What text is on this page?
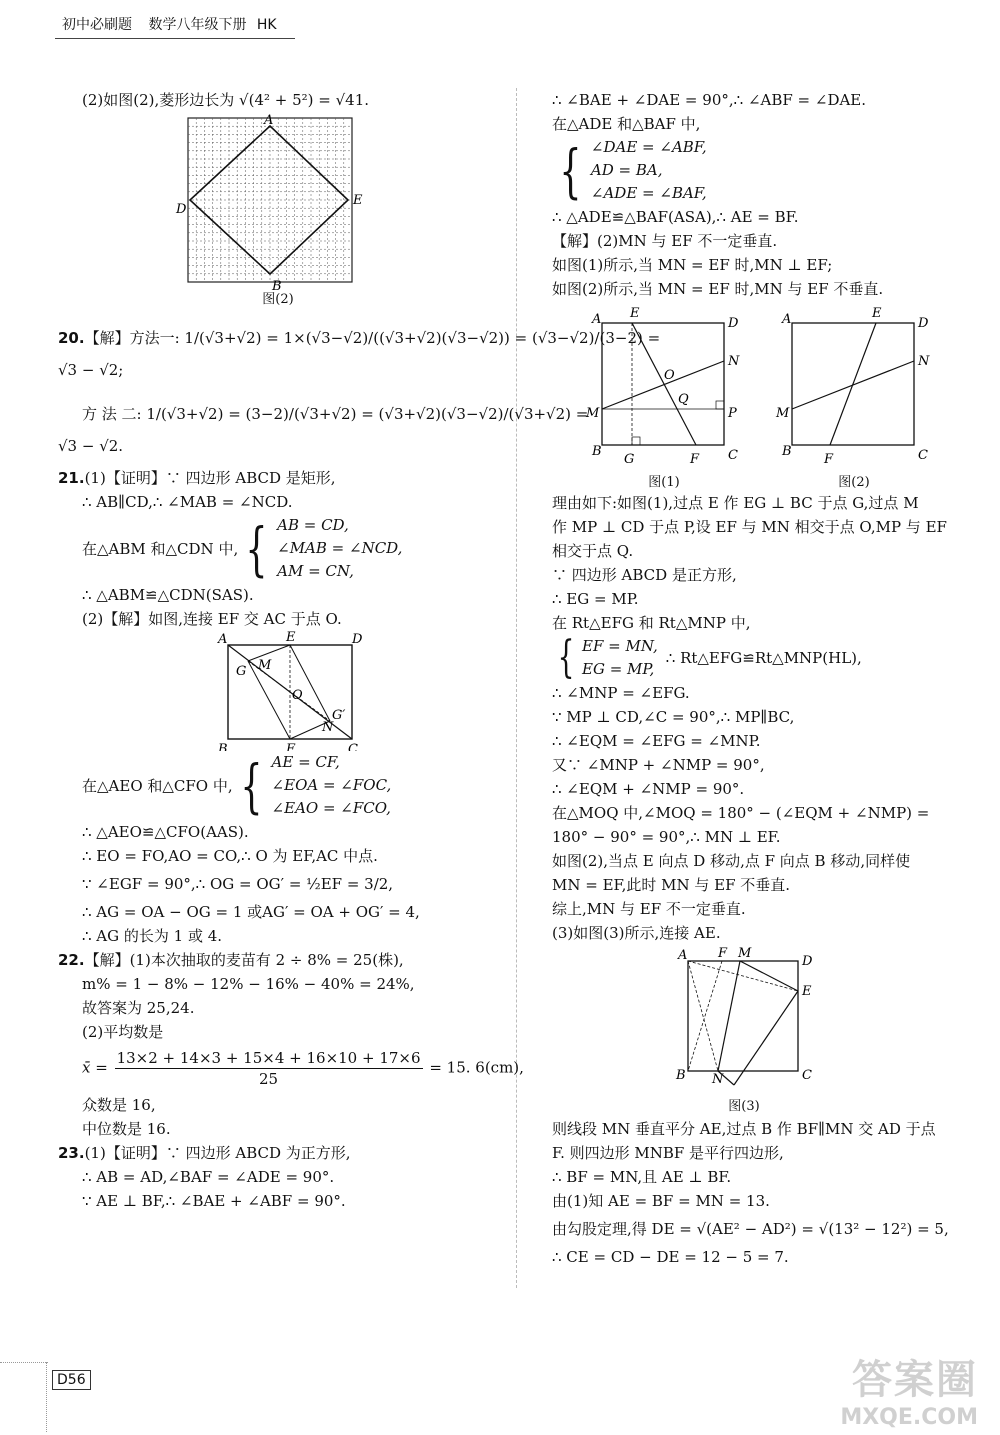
初中必刷题 数学八年级下册 HK
(2)如图(2),菱形边长为 √(4² + 5²) = √41.
A
B
D
E
图(2)
20.【解】方法一: 1/(√3+√2) = 1×(√3−√2)/((√3+√2)(√3−√2)) = (√3−√2)/(3−2) =
√3 − √2;
方 法 二: 1/(√3+√2) = (3−2)/(√3+√2) = (√3+√2)(√3−√2)/(√3+√2) =
√3 − √2.
21.(1)【证明】∵ 四边形 ABCD 是矩形,
∴ AB∥CD,∴ ∠MAB = ∠NCD.
在△ABM 和△CDN 中, { AB = CD,
∠MAB = ∠NCD,
AM = CN,
∴ △ABM≌△CDN(SAS).
(2)【解】如图,连接 EF 交 AC 于点 O.
A
B	C
D
E
F
G
G′
M
N
O
在△AEO 和△CFO 中, { AE = CF,
∠EOA = ∠FOC,
∠EAO = ∠FCO,
∴ △AEO≌△CFO(AAS).
∴ EO = FO,AO = CO,∴ O 为 EF,AC 中点.
∵ ∠EGF = 90°,∴ OG = OG′ = ½EF = 3/2,
∴ AG = OA − OG = 1 或AG′ = OA + OG′ = 4,
∴ AG 的长为 1 或 4.
22.【解】(1)本次抽取的麦苗有 2 ÷ 8% = 25(株),
m% = 1 − 8% − 12% − 16% − 40% = 24%,
故答案为 25,24.
(2)平均数是
x̄ = $\frac{13\times 2 + 14\times 3 + 15\times 4 + 16\times 10 + 17\times 6}{25} = 15$. 6(cm),
众数是 16,
中位数是 16.
23.(1)【证明】∵ 四边形 ABCD 为正方形,
∴ AB = AD,∠BAF = ∠ADE = 90°.
∵ AE ⊥ BF,∴ ∠BAE + ∠ABF = 90°.
∴ ∠BAE + ∠DAE = 90°,∴ ∠ABF = ∠DAE.
在△ADE 和△BAF 中,
{ ∠DAE = ∠ABF,
AD = BA,
∠ADE = ∠BAF,
∴ △ADE≌△BAF(ASA),∴ AE = BF.
【解】(2)MN 与 EF 不一定垂直.
如图(1)所示,当 MN = EF 时,MN ⊥ EF;
如图(2)所示,当 MN = EF 时,MN 与 EF 不垂直.
A
B	C
D
E
F
G
M
N
O
Q
P
A
B	C
D
E
F
M
N
图(1)	图(2)
理由如下:如图(1),过点 E 作 EG ⊥ BC 于点 G,过点 M
作 MP ⊥ CD 于点 P,设 EF 与 MN 相交于点 O,MP 与 EF
相交于点 Q.
∵ 四边形 ABCD 是正方形,
∴ EG = MP.
在 Rt△EFG 和 Rt△MNP 中,
{ EF = MN,
EG = MP,
∴ Rt△EFG≌Rt△MNP(HL),
∴ ∠MNP = ∠EFG.
∵ MP ⊥ CD,∠C = 90°,∴ MP∥BC,
∴ ∠EQM = ∠EFG = ∠MNP.
又∵ ∠MNP + ∠NMP = 90°,
∴ ∠EQM + ∠NMP = 90°.
在△MOQ 中,∠MOQ = 180° − (∠EQM + ∠NMP) =
180° − 90° = 90°,∴ MN ⊥ EF.
如图(2),当点 E 向点 D 移动,点 F 向点 B 移动,同样使
MN = EF,此时 MN 与 EF 不垂直.
综上,MN 与 EF 不一定垂直.
(3)如图(3)所示,连接 AE.
A
B	C
D
E
F M
N
图(3)
则线段 MN 垂直平分 AE,过点 B 作 BF∥MN 交 AD 于点
F. 则四边形 MNBF 是平行四边形,
∴ BF = MN,且 AE ⊥ BF.
由(1)知 AE = BF = MN = 13.
由勾股定理,得 DE = √(AE² − AD²) = √(13² − 12²) = 5,
∴ CE = CD − DE = 12 − 5 = 7.
D56	答案圈
MXQE.COM
